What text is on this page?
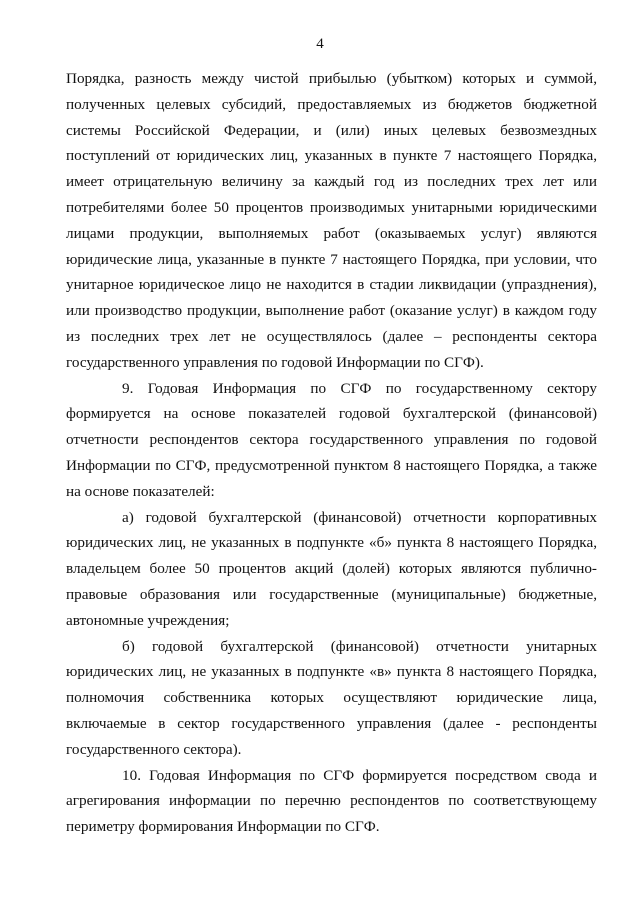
4

Порядка, разность между чистой прибылью (убытком) которых и суммой, полученных целевых субсидий, предоставляемых из бюджетов бюджетной системы Российской Федерации, и (или) иных целевых безвозмездных поступлений от юридических лиц, указанных в пункте 7 настоящего Порядка, имеет отрицательную величину за каждый год из последних трех лет или потребителями более 50 процентов производимых унитарными юридическими лицами продукции, выполняемых работ (оказываемых услуг) являются юридические лица, указанные в пункте 7 настоящего Порядка, при условии, что унитарное юридическое лицо не находится в стадии ликвидации (упразднения), или производство продукции, выполнение работ (оказание услуг) в каждом году из последних трех лет не осуществлялось (далее – респонденты сектора государственного управления по годовой Информации по СГФ).

9. Годовая Информация по СГФ по государственному сектору формируется на основе показателей годовой бухгалтерской (финансовой) отчетности респондентов сектора государственного управления по годовой Информации по СГФ, предусмотренной пунктом 8 настоящего Порядка, а также на основе показателей:

а) годовой бухгалтерской (финансовой) отчетности корпоративных юридических лиц, не указанных в подпункте «б» пункта 8 настоящего Порядка, владельцем более 50 процентов акций (долей) которых являются публично-правовые образования или государственные (муниципальные) бюджетные, автономные учреждения;

б) годовой бухгалтерской (финансовой) отчетности унитарных юридических лиц, не указанных в подпункте «в» пункта 8 настоящего Порядка, полномочия собственника которых осуществляют юридические лица, включаемые в сектор государственного управления (далее - респонденты государственного сектора).

10. Годовая Информация по СГФ формируется посредством свода и агрегирования информации по перечню респондентов по соответствующему периметру формирования Информации по СГФ.
